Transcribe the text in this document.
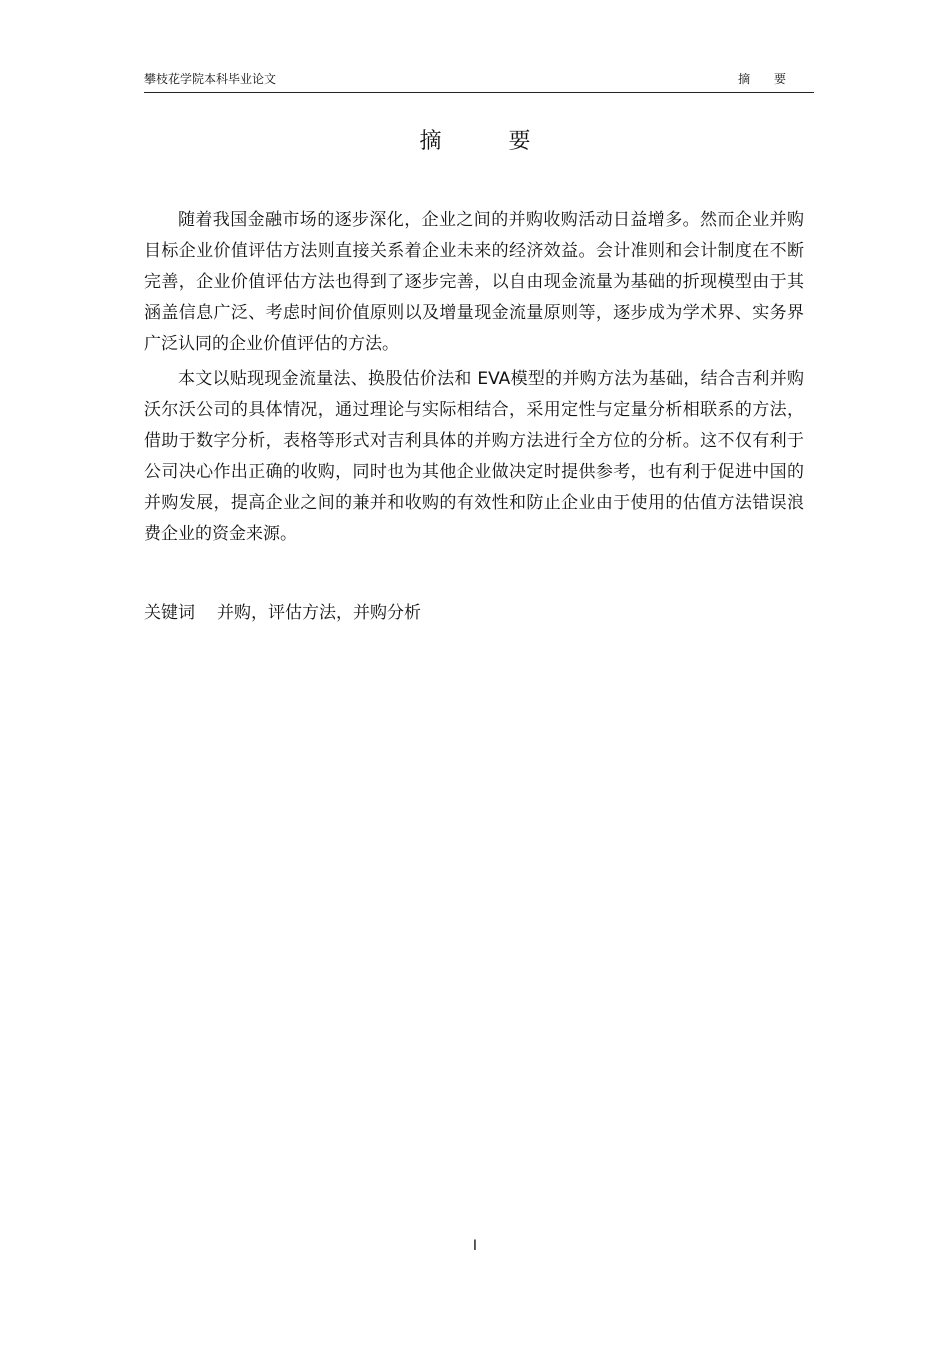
攀枝花学院本科毕业论文	摘 要
摘 要

随着我国金融市场的逐步深化，企业之间的并购收购活动日益增多。然而企业并购目标企业价值评估方法则直接关系着企业未来的经济效益。会计准则和会计制度在不断完善，企业价值评估方法也得到了逐步完善，以自由现金流量为基础的折现模型由于其涵盖信息广泛、考虑时间价值原则以及增量现金流量原则等，逐步成为学术界、实务界广泛认同的企业价值评估的方法。

本文以贴现现金流量法、换股估价法和 EVA模型的并购方法为基础，结合吉利并购沃尔沃公司的具体情况，通过理论与实际相结合，采用定性与定量分析相联系的方法，借助于数字分析，表格等形式对吉利具体的并购方法进行全方位的分析。这不仅有利于公司决心作出正确的收购，同时也为其他企业做决定时提供参考，也有利于促进中国的并购发展，提高企业之间的兼并和收购的有效性和防止企业由于使用的估值方法错误浪费企业的资金来源。

关键词 并购，评估方法，并购分析
I
